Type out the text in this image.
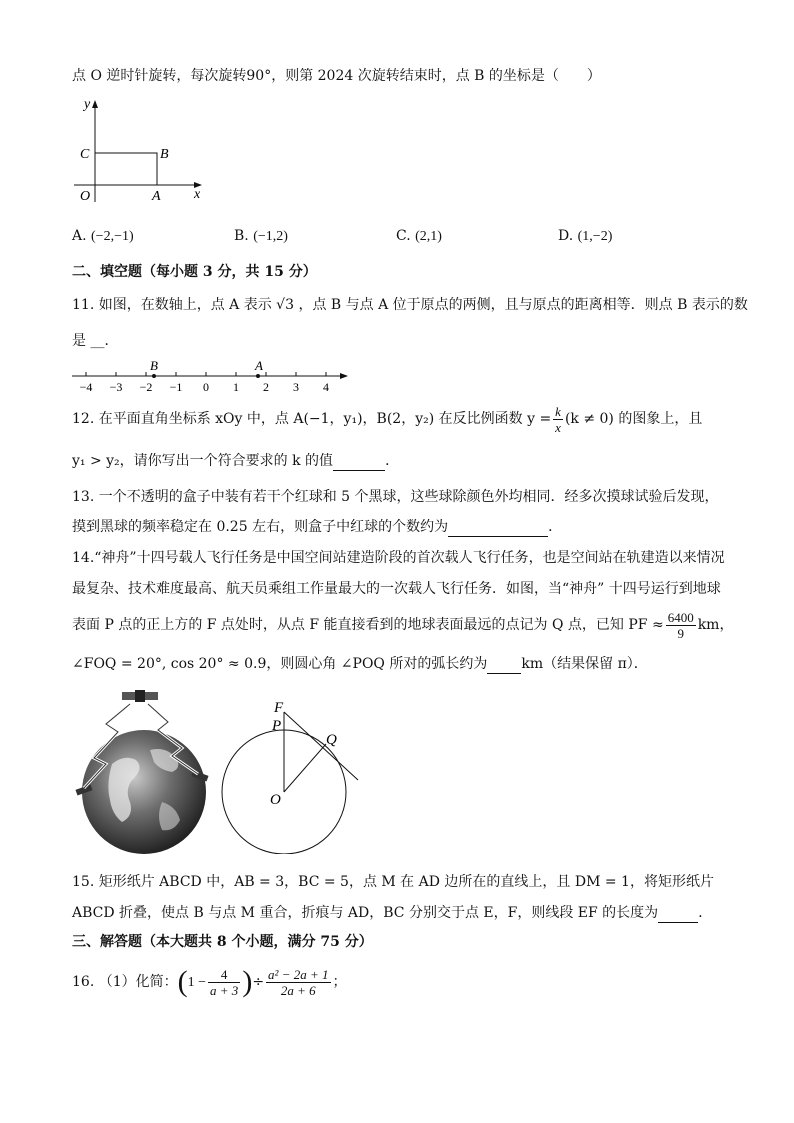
点 O 逆时针旋转，每次旋转90°，则第 2024 次旋转结束时，点 B 的坐标是（　　）
y
x
C	B
O	A
A. (−2,−1)	B. (−1,2)	C. (2,1)	D. (1,−2)
二、填空题（每小题 3 分，共 15 分）
11. 如图，在数轴上，点 A 表示 √3 ，点 B 与点 A 位于原点的两侧，且与原点的距离相等．则点 B 表示的数
是 __．
B	A
−4 −3 −2 −1 0 1 2 3 4
12. 在平面直角坐标系 xOy 中，点 A(−1，y₁)，B(2，y₂) 在反比例函数 $y = \frac{k}{x} (k \ne 0)$ 的图象上，且
y₁ > y₂，请你写出一个符合要求的 k 的值	．
13. 一个不透明的盒子中装有若干个红球和 5 个黑球，这些球除颜色外均相同．经多次摸球试验后发现，
摸到黑球的频率稳定在 0.25 左右，则盒子中红球的个数约为	．
14.“神舟”十四号载人飞行任务是中国空间站建造阶段的首次载人飞行任务，也是空间站在轨建造以来情况
最复杂、技术难度最高、航天员乘组工作量最大的一次载人飞行任务．如图，当“神舟” 十四号运行到地球
表面 P 点的正上方的 F 点处时，从点 F 能直接看到的地球表面最远的点记为 Q 点，已知 PF ≈ $\frac{6400}{9}$ km，
∠FOQ = 20°, cos 20° ≈ 0.9，则圆心角 ∠POQ 所对的弧长约为 km（结果保留 π）．
F
P
Q
O
15. 矩形纸片 ABCD 中，AB = 3，BC = 5，点 M 在 AD 边所在的直线上，且 DM = 1，将矩形纸片
ABCD 折叠，使点 B 与点 M 重合，折痕与 AD，BC 分别交于点 E，F，则线段 EF 的长度为	．
三、解答题（本大题共 8 个小题，满分 75 分）
16. （1）化简：($1 - \frac{4}{a + 3}$ )÷ $\frac{\text{a² − 2a + 1}}{2a + 6}$ ；
